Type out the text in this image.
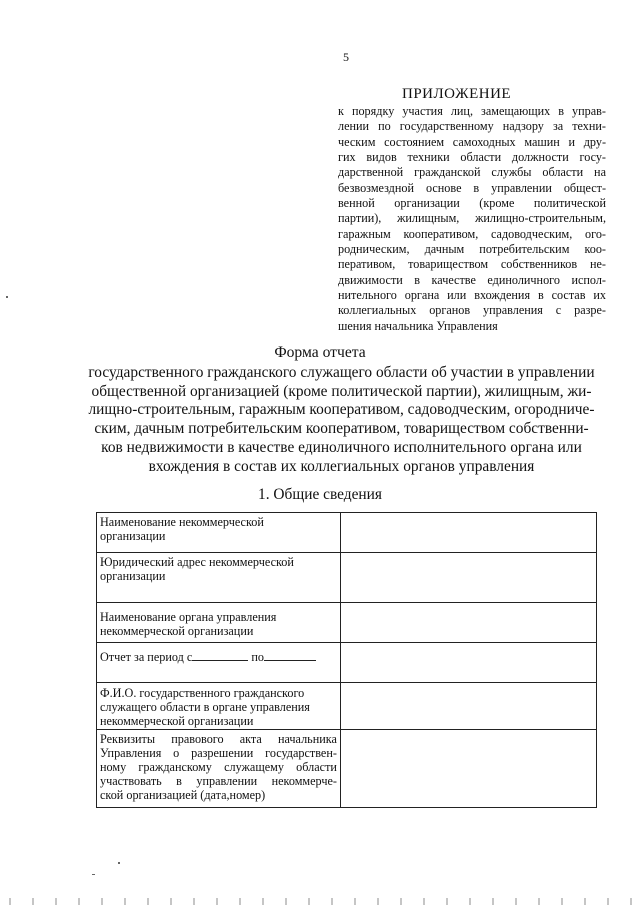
5
ПРИЛОЖЕНИЕ
к порядку участия лиц, замещающих в управ-
лении по государственному надзору за техни-
ческим состоянием самоходных машин и дру-
гих видов техники области должности госу-
дарственной гражданской службы области на
безвозмездной основе в управлении общест-
венной организации (кроме политической
партии), жилищным, жилищно-строительным,
гаражным кооперативом, садоводческим, ого-
родническим, дачным потребительским коо-
перативом, товариществом собственников не-
движимости в качестве единоличного испол-
нительного органа или вхождения в состав их
коллегиальных органов управления с разре-
шения начальника Управления
Форма отчета
государственного гражданского служащего области об участии в управлении
общественной организацией (кроме политической партии), жилищным, жи-
лищно-строительным, гаражным кооперативом, садоводческим, огородниче-
ским, дачным потребительским кооперативом, товариществом собственни-
ков недвижимости в качестве единоличного исполнительного органа или
вхождения в состав их коллегиальных органов управления
1. Общие сведения
Наименование некоммерческой
организации	

Юридический адрес некоммерческой
организации	

Наименование органа управления
некоммерческой организации	

Отчет за период с по	

Ф.И.О. государственного гражданского
служащего области в органе управления
некоммерческой организации	

Реквизиты правового акта начальника
Управления о разрешении государствен-
ному гражданскому служащему области
участвовать в управлении некоммерче-
ской организацией (дата,номер)	
